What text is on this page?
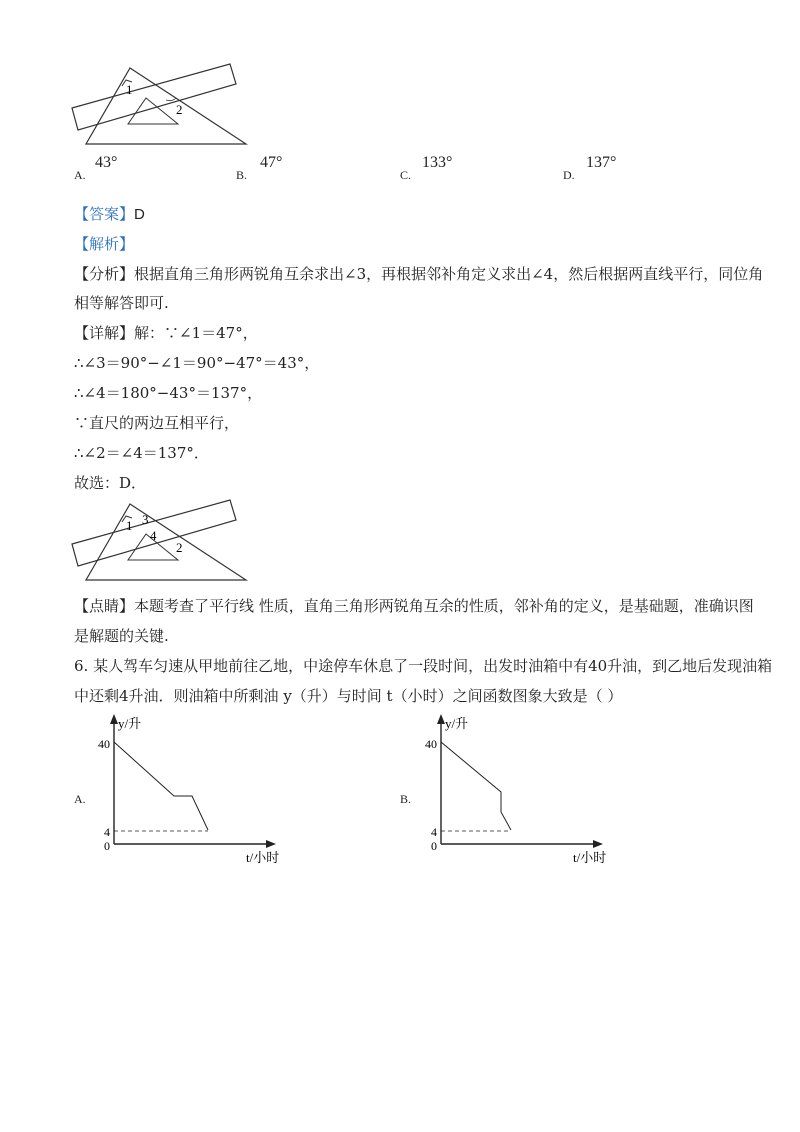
1
2
A.
43°
B.
47°
C.
133°
D.
137°
【答案】D
【解析】
【分析】根据直角三角形两锐角互余求出∠3，再根据邻补角定义求出∠4，然后根据两直线平行，同位角
相等解答即可.
【详解】解：∵∠1＝47°，
∴∠3＝90°−∠1＝90°−47°＝43°，
∴∠4＝180°−43°＝137°，
∵直尺的两边互相平行，
∴∠2＝∠4＝137°．
故选：D．
1 3
4
2
【点睛】本题考查了平行线 性质，直角三角形两锐角互余的性质，邻补角的定义，是基础题，准确识图
是解题的关键.
6. 某人驾车匀速从甲地前往乙地，中途停车休息了一段时间，出发时油箱中有40升油，到乙地后发现油箱
中还剩4升油．则油箱中所剩油 y（升）与时间 t（小时）之间函数图象大致是（ ）
A.
y/升
40
4
0
t/小时
B.
y/升
40
4
0
t/小时
